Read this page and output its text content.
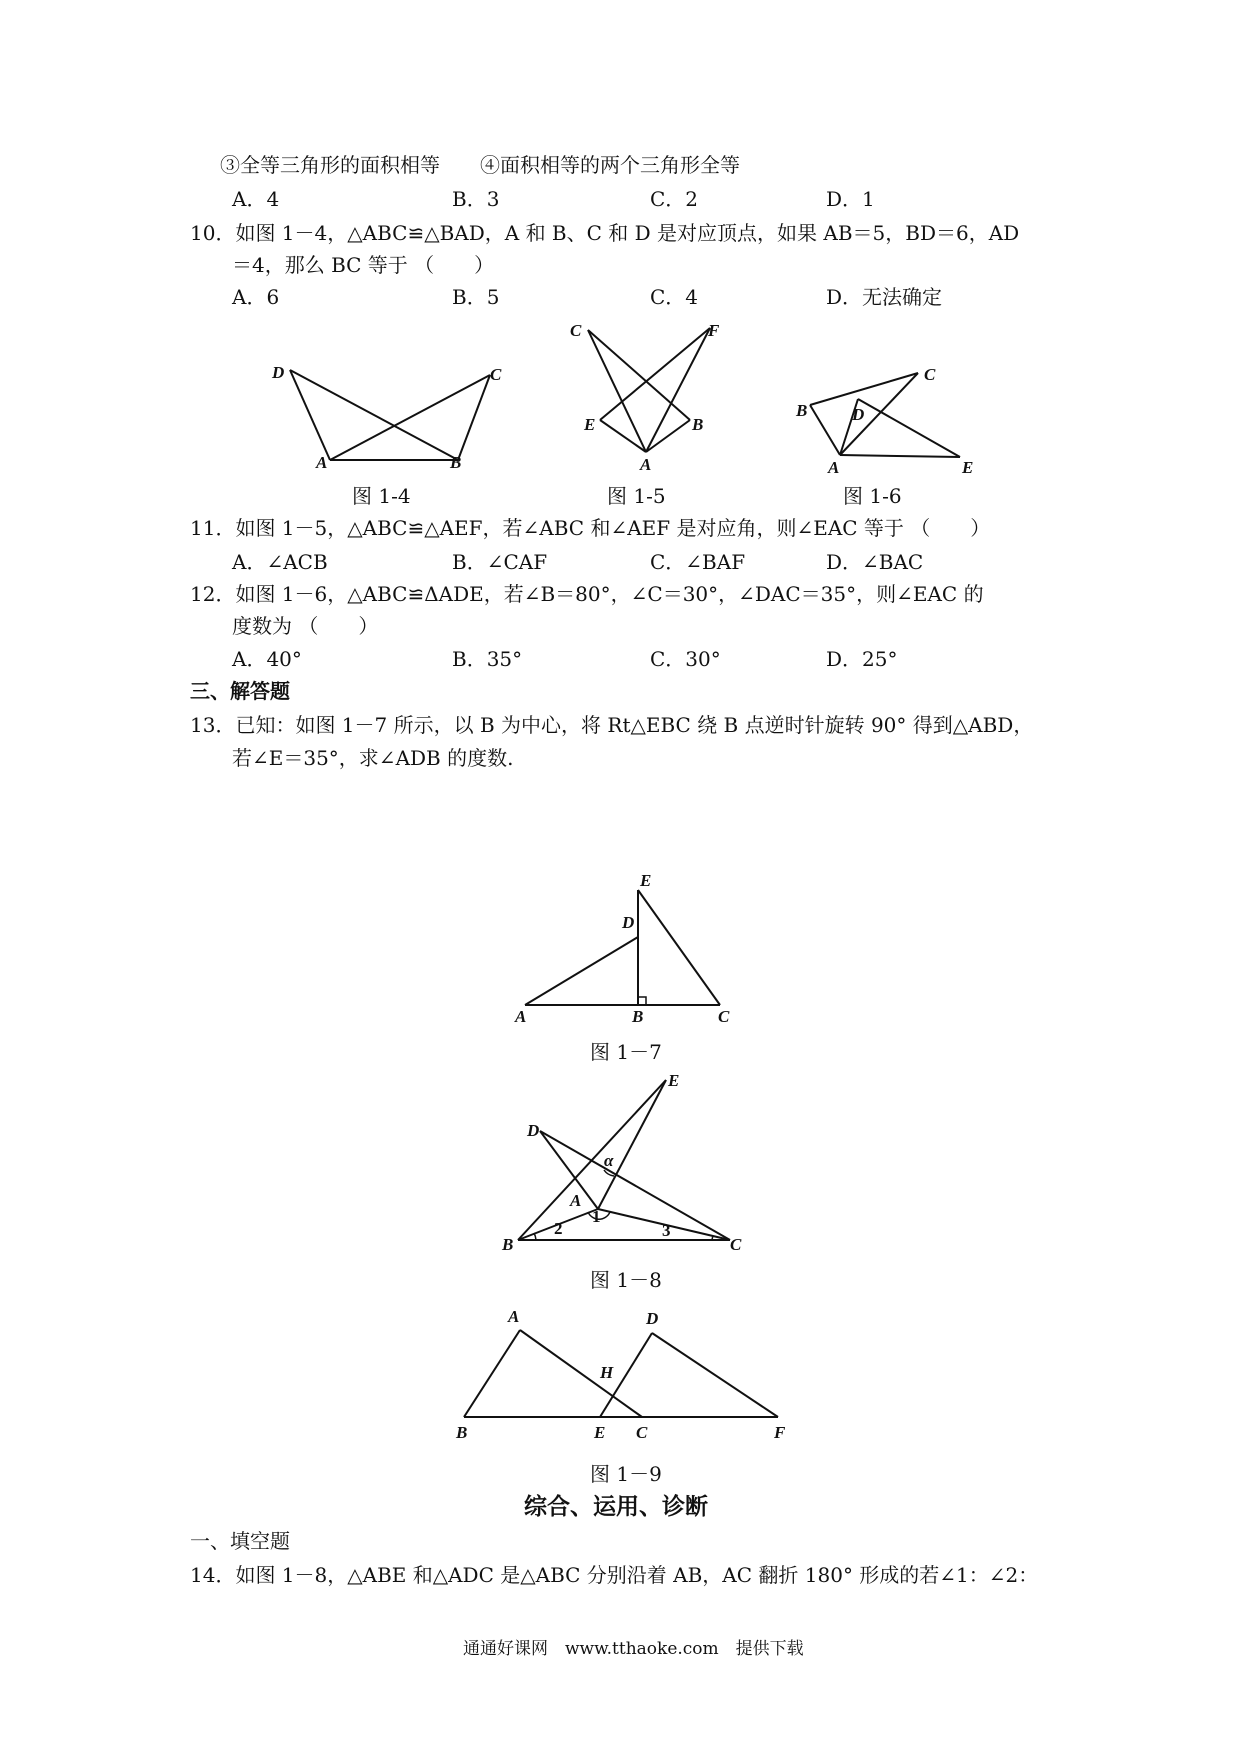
③全等三角形的面积相等　　④面积相等的两个三角形全等
A．4	B．3	C．2	D．1
10．如图 1－4，△ABC≌△BAD，A 和 B、C 和 D 是对应顶点，如果 AB＝5，BD＝6，AD
＝4，那么 BC 等于 （　　）
A．6	B．5	C．4	D．无法确定
D	C
A	B
图 1-4
C	F
E	B
A
图 1-5
B
C
D
A	E
图 1-6
11．如图 1－5，△ABC≌△AEF，若∠ABC 和∠AEF 是对应角，则∠EAC 等于 （　　）
A．∠ACB	B．∠CAF	C．∠BAF	D．∠BAC
12．如图 1－6，△ABC≌ΔADE，若∠B＝80°，∠C＝30°，∠DAC＝35°，则∠EAC 的
度数为 （　　）
A．40°	B．35°	C．30°	D．25°
三、解答题
13．已知：如图 1－7 所示，以 B 为中心，将 Rt△EBC 绕 B 点逆时针旋转 90° 得到△ABD，
若∠E＝35°，求∠ADB 的度数.
E
D
A	B	C
图 1－7
E
D
α
A
1
2	3
B	C
图 1－8
A	D
H
B	E C	F
图 1－9
综合、运用、诊断
一、填空题
14．如图 1－8，△ABE 和△ADC 是△ABC 分别沿着 AB，AC 翻折 180° 形成的若∠1：∠2：
通通好课网　www.tthaoke.com　提供下载
